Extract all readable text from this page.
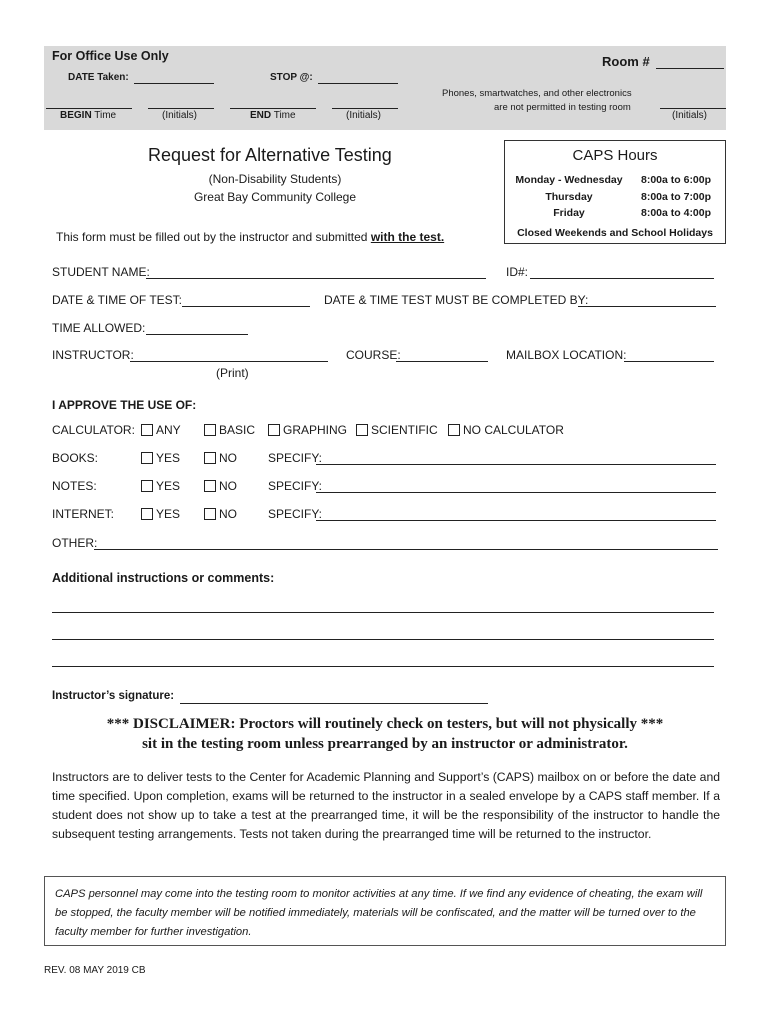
For Office Use Only	Room #
DATE Taken:	STOP @:
Phones, smartwatches, and other electronics
are not permitted in testing room
BEGIN Time	(Initials)	END Time	(Initials)	(Initials)
Request for Alternative Testing
(Non-Disability Students)
Great Bay Community College
This form must be filled out by the instructor and submitted with the test.
CAPS Hours
Monday - Wednesday	8:00a to 6:00p
Thursday	8:00a to 7:00p
Friday	8:00a to 4:00p
Closed Weekends and School Holidays
STUDENT NAME:	ID#:
DATE & TIME OF TEST:	DATE & TIME TEST MUST BE COMPLETED BY:
TIME ALLOWED:
INSTRUCTOR:
(Print)
COURSE:	MAILBOX LOCATION:
I APPROVE THE USE OF:
CALCULATOR:	ANY	BASIC	GRAPHING	SCIENTIFIC	NO CALCULATOR
BOOKS:	YES	NO	SPECIFY:
NOTES:	YES	NO	SPECIFY:
INTERNET:	YES	NO	SPECIFY:
OTHER:
Additional instructions or comments:
Instructor’s signature:
*** DISCLAIMER: Proctors will routinely check on testers, but will not physically ***
sit in the testing room unless prearranged by an instructor or administrator.
Instructors are to deliver tests to the Center for Academic Planning and Support’s (CAPS) mailbox on or before the date and time specified. Upon completion, exams will be returned to the instructor in a sealed envelope by a CAPS staff member. If a student does not show up to take a test at the prearranged time, it will be the responsibility of the instructor to handle the subsequent testing arrangements. Tests not taken during the prearranged time will be returned to the instructor.
CAPS personnel may come into the testing room to monitor activities at any time. If we find any evidence of cheating, the exam will be stopped, the faculty member will be notified immediately, materials will be confiscated, and the matter will be turned over to the faculty member for further investigation.
REV. 08 MAY 2019 CB
